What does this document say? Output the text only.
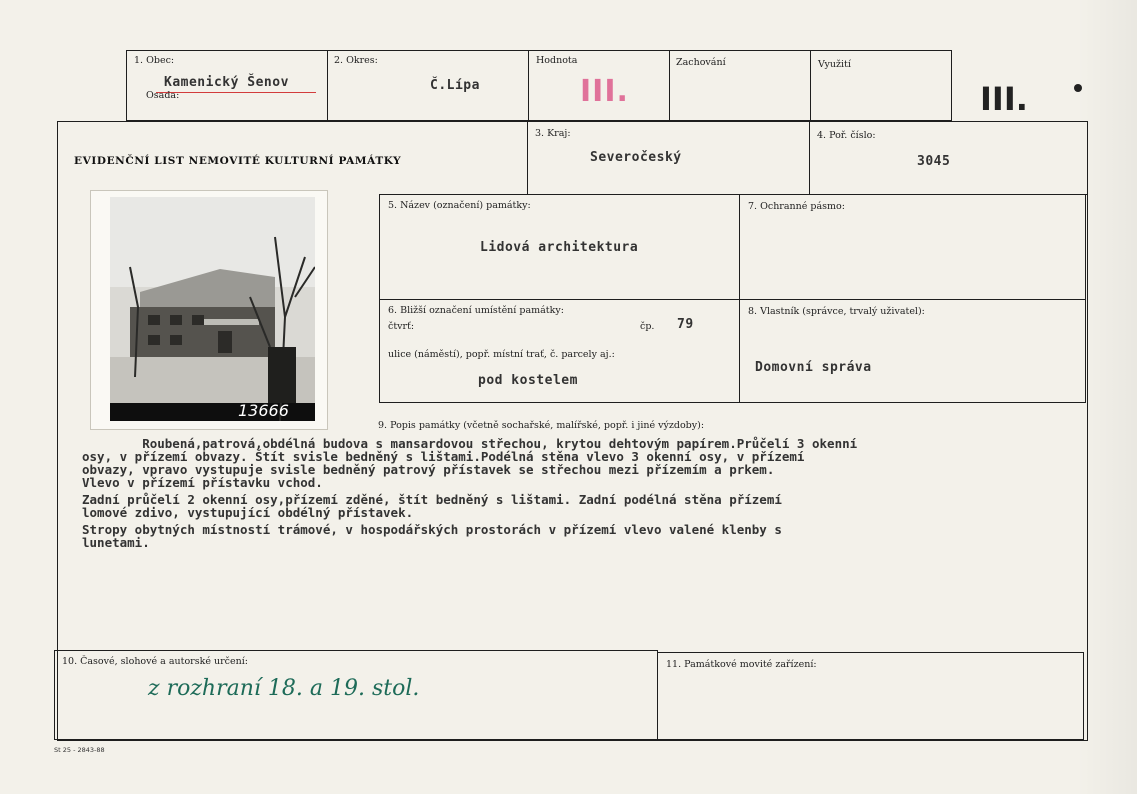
1. Obec:
Kamenický Šenov
Osada:
2. Okres:
Č.Lípa
Hodnota
III.
Zachování	Využití
III.
EVIDENČNÍ LIST NEMOVITÉ KULTURNÍ PAMÁTKY
3. Kraj:
Severočeský
4. Poř. číslo:
3045
13666
5. Název (označení) památky:
Lidová architektura
7. Ochranné pásmo:
6. Bližší označení umístění památky:
čtvrť:	čp. 79
ulice (náměstí), popř. místní trať, č. parcely aj.:
pod kostelem
8. Vlastník (správce, trvalý uživatel):
Domovní správa
9. Popis památky (včetně sochařské, malířské, popř. i jiné výzdoby):

Roubená,patrová,obdélná budova s mansardovou střechou, krytou dehtovým papírem.Průčelí 3 okenní

osy, v přízemí obvazy. Štít svisle bedněný s lištami.Podélná stěna vlevo 3 okenní osy, v přízemí

obvazy, vpravo vystupuje svisle bedněný patrový přístavek se střechou mezi přízemím a prkem.

Vlevo v přízemí přístavku vchod.

Zadní průčelí 2 okenní osy,přízemí zděné, štít bedněný s lištami. Zadní podélná stěna přízemí

lomové zdivo, vystupující obdélný přístavek.

Stropy obytných místností trámové, v hospodářských prostorách v přízemí vlevo valené klenby s

lunetami.

10. Časové, slohové a autorské určení:
z rozhraní 18. a 19. stol.
11. Památkové movité zařízení:
St 25 - 2843-88
